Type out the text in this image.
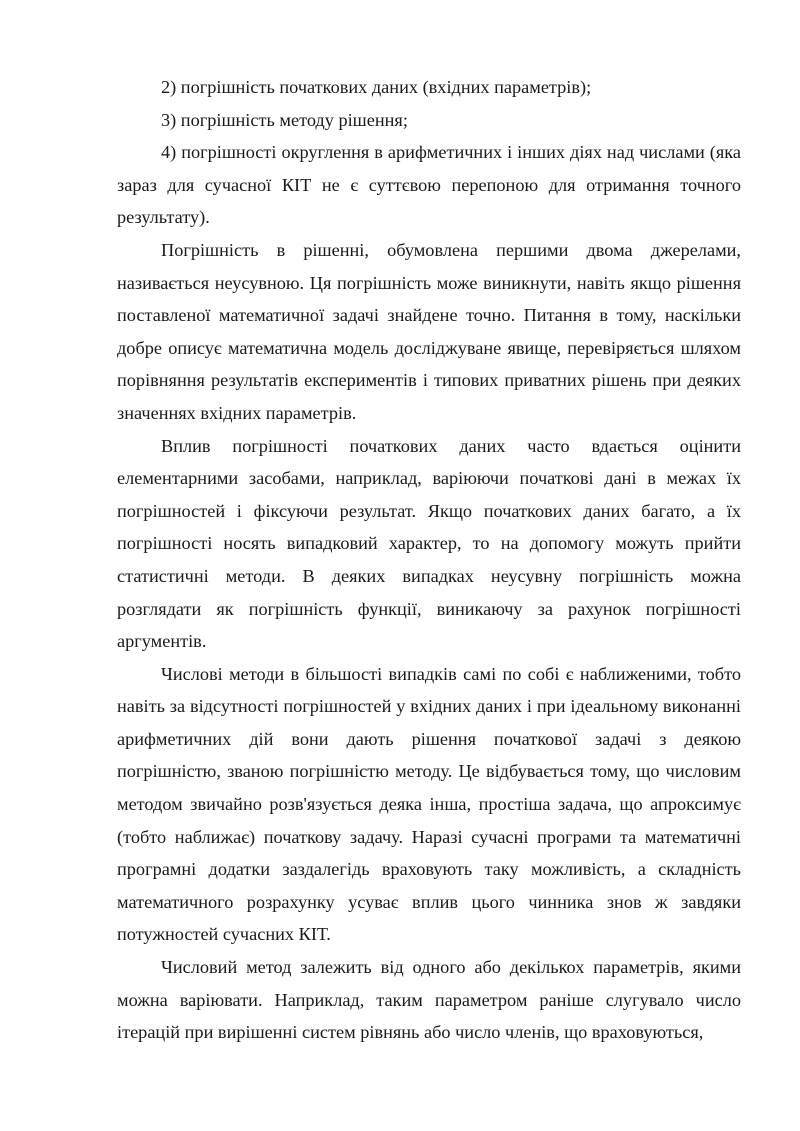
2) погрішність початкових даних (вхідних параметрів);

3) погрішність методу рішення;

4) погрішності округлення в арифметичних і інших діях над числами (яка зараз для сучасної КІТ не є суттєвою перепоною для отримання точного результату).

Погрішність в рішенні, обумовлена першими двома джерелами, називається неусувною. Ця погрішність може виникнути, навіть якщо рішення поставленої математичної задачі знайдене точно. Питання в тому, наскільки добре описує математична модель досліджуване явище, перевіряється шляхом порівняння результатів експериментів і типових приватних рішень при деяких значеннях вхідних параметрів.

Вплив погрішності початкових даних часто вдається оцінити елементарними засобами, наприклад, варіюючи початкові дані в межах їх погрішностей і фіксуючи результат. Якщо початкових даних багато, а їх погрішності носять випадковий характер, то на допомогу можуть прийти статистичні методи. В деяких випадках неусувну погрішність можна розглядати як погрішність функції, виникаючу за рахунок погрішності аргументів.

Числові методи в більшості випадків самі по собі є наближеними, тобто навіть за відсутності погрішностей у вхідних даних і при ідеальному виконанні арифметичних дій вони дають рішення початкової задачі з деякою погрішністю, званою погрішністю методу. Це відбувається тому, що числовим методом звичайно розв'язується деяка інша, простіша задача, що апроксимує (тобто наближає) початкову задачу. Наразі сучасні програми та математичні програмні додатки заздалегідь враховують таку можливість, а складність математичного розрахунку усуває вплив цього чинника знов ж завдяки потужностей сучасних КІТ.

Числовий метод залежить від одного або декількох параметрів, якими можна варіювати. Наприклад, таким параметром раніше слугувало число ітерацій при вирішенні систем рівнянь або число членів, що враховуються,
